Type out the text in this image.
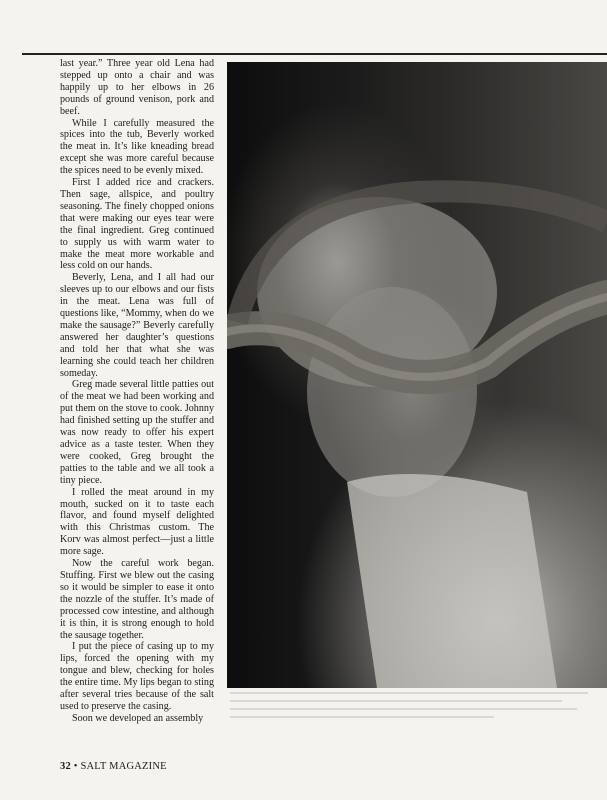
last year.” Three year old Lena had stepped up onto a chair and was happily up to her elbows in 26 pounds of ground venison, pork and beef.

While I carefully measured the spices into the tub, Beverly worked the meat in. It’s like kneading bread except she was more careful because the spices need to be evenly mixed.

First I added rice and crackers. Then sage, allspice, and poultry seasoning. The finely chopped onions that were making our eyes tear were the final ingredient. Greg continued to supply us with warm water to make the meat more workable and less cold on our hands.

Beverly, Lena, and I all had our sleeves up to our elbows and our fists in the meat. Lena was full of questions like, “Mommy, when do we make the sausage?” Beverly carefully answered her daughter’s questions and told her that what she was learning she could teach her children someday.

Greg made several little patties out of the meat we had been working and put them on the stove to cook. Johnny had finished setting up the stuffer and was now ready to offer his expert advice as a taste tester. When they were cooked, Greg brought the patties to the table and we all took a tiny piece.

I rolled the meat around in my mouth, sucked on it to taste each flavor, and found myself delighted with this Christmas custom. The Korv was almost perfect—just a little more sage.

Now the careful work began. Stuffing. First we blew out the casing so it would be simpler to ease it onto the nozzle of the stuffer. It’s made of processed cow intestine, and although it is thin, it is strong enough to hold the sausage together.

I put the piece of casing up to my lips, forced the opening with my tongue and blew, checking for holes the entire time. My lips began to sting after several tries because of the salt used to preserve the casing.

Soon we developed an assembly

32 • SALT MAGAZINE
